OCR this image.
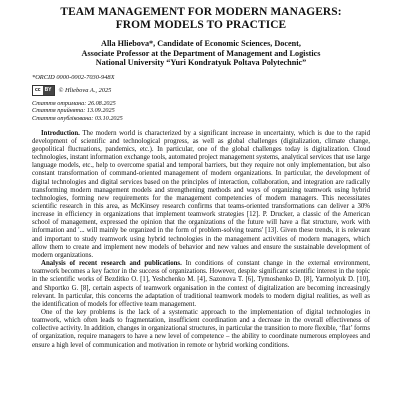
TEAM MANAGEMENT FOR MODERN MANAGERS:
FROM MODELS TO PRACTICE
Alla Hliebova*, Candidate of Economic Sciences, Docent,
Associate Professor at the Department of Management and Logistics
National University “Yuri Kondratyuk Poltava Polytechnic”
*ORCID 0000-0002-7030-948X
cc BY	© Hliebova A., 2025
Стаття отримана: 26.08.2025
Стаття прийнята: 13.09.2025
Стаття опублікована: 03.10.2025

Introduction. The modern world is characterized by a significant increase in uncertainty, which is due to the rapid development of scientific and technological progress, as well as global challenges (digitalization, climate change, geopolitical fluctuations, pandemics, etc.). In particular, one of the global challenges today is digitalization. Cloud technologies, instant information exchange tools, automated project management systems, analytical services that use large language models, etc., help to overcome spatial and temporal barriers, but they require not only implementation, but also constant transformation of command-oriented management of modern organizations. In particular, the development of digital technologies and digital services based on the principles of interaction, collaboration, and integration are radically transforming modern management models and strengthening methods and ways of organizing teamwork using hybrid technologies, forming new requirements for the management competencies of modern managers. This necessitates scientific research in this area, as McKinsey research confirms that teams-oriented transformations can deliver a 30% increase in efficiency in organizations that implement teamwork strategies [12]. P. Drucker, a classic of the American school of management, expressed the opinion that the organizations of the future will have a flat structure, work with information and '... will mainly be organized in the form of problem-solving teams' [13]. Given these trends, it is relevant and important to study teamwork using hybrid technologies in the management activities of modern managers, which allow them to create and implement new models of behavior and new values and ensure the sustainable development of modern organizations.

Analysis of recent research and publications. In conditions of constant change in the external environment, teamwork becomes a key factor in the success of organizations. However, despite significant scientific interest in the topic in the scientific works of Bezditko O. [1], Yeshchenko M. [4], Sazonova T. [6], Tymoshenko D. [8], Yarmolyuk D. [10], and Shportko G. [8], certain aspects of teamwork organisation in the context of digitalization are becoming increasingly relevant. In particular, this concerns the adaptation of traditional teamwork models to modern digital realities, as well as the identification of models for effective team management.

One of the key problems is the lack of a systematic approach to the implementation of digital technologies in teamwork, which often leads to fragmentation, insufficient coordination and a decrease in the overall effectiveness of collective activity. In addition, changes in organizational structures, in particular the transition to more flexible, ‘flat’ forms of organization, require managers to have a new level of competence – the ability to coordinate numerous employees and ensure a high level of communication and motivation in remote or hybrid working conditions.
